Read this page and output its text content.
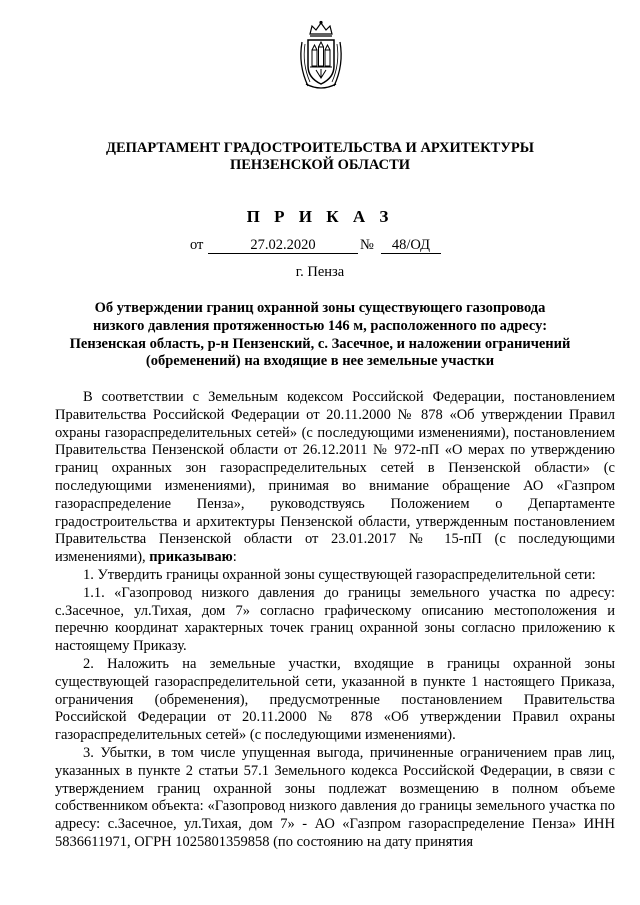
ДЕПАРТАМЕНТ ГРАДОСТРОИТЕЛЬСТВА И АРХИТЕКТУРЫ
ПЕНЗЕНСКОЙ ОБЛАСТИ
П Р И К А З
от	27.02.2020	№	48/ОД
г. Пенза
Об утверждении границ охранной зоны существующего газопровода
низкого давления протяженностью 146 м, расположенного по адресу:
Пензенская область, р-н Пензенский, с. Засечное, и наложении ограничений
(обременений) на входящие в нее земельные участки

В соответствии с Земельным кодексом Российской Федерации, постановлением Правительства Российской Федерации от 20.11.2000 № 878 «Об утверждении Правил охраны газораспределительных сетей» (с последующими изменениями), постановлением Правительства Пензенской области от 26.12.2011 № 972-пП «О мерах по утверждению границ охранных зон газораспределительных сетей в Пензенской области» (с последующими изменениями), принимая во внимание обращение АО «Газпром газораспределение Пенза», руководствуясь Положением о Департаменте градостроительства и архитектуры Пензенской области, утвержденным постановлением Правительства Пензенской области от 23.01.2017 № 15-пП (с последующими изменениями), приказываю:

1. Утвердить границы охранной зоны существующей газораспределительной сети:

1.1. «Газопровод низкого давления до границы земельного участка по адресу: с.Засечное, ул.Тихая, дом 7» согласно графическому описанию местоположения и перечню координат характерных точек границ охранной зоны согласно приложению к настоящему Приказу.

2. Наложить на земельные участки, входящие в границы охранной зоны существующей газораспределительной сети, указанной в пункте 1 настоящего Приказа, ограничения (обременения), предусмотренные постановлением Правительства Российской Федерации от 20.11.2000 № 878 «Об утверждении Правил охраны газораспределительных сетей» (с последующими изменениями).

3. Убытки, в том числе упущенная выгода, причиненные ограничением прав лиц, указанных в пункте 2 статьи 57.1 Земельного кодекса Российской Федерации, в связи с утверждением границ охранной зоны подлежат возмещению в полном объеме собственником объекта: «Газопровод низкого давления до границы земельного участка по адресу: с.Засечное, ул.Тихая, дом 7» - АО «Газпром газораспределение Пенза» ИНН 5836611971, ОГРН 1025801359858 (по состоянию на дату принятия
